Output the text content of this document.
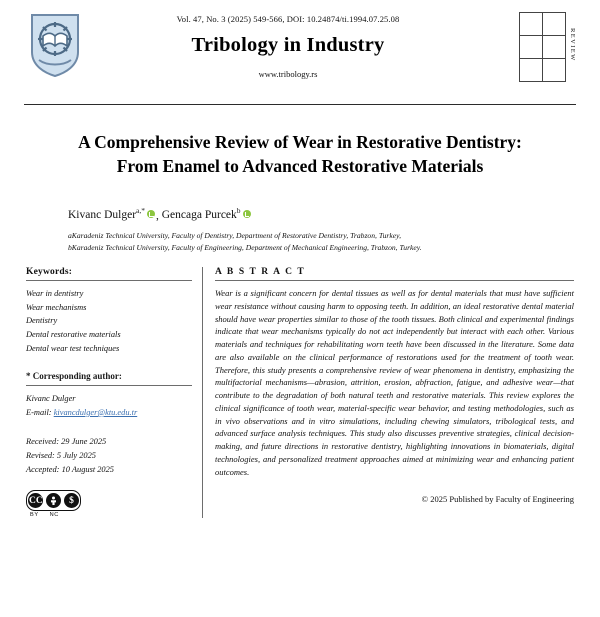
Vol. 47, No. 3 (2025) 549-566, DOI: 10.24874/ti.1994.07.25.08
Tribology in Industry
www.tribology.rs
REVIEW
A Comprehensive Review of Wear in Restorative Dentistry: From Enamel to Advanced Restorative Materials
Kivanc Dulger$^{a,*}$ , Gencaga Purcek$^b$
aKaradeniz Technical University, Faculty of Dentistry, Department of Restorative Dentistry, Trabzon, Turkey,
bKaradeniz Technical University, Faculty of Engineering, Department of Mechanical Engineering, Trabzon, Turkey.
Keywords:
Wear in dentistry
Wear mechanisms
Dentistry
Dental restorative materials
Dental wear test techniques
* Corresponding author:
Kivanc Dulger
E-mail: kivancdulger@ktu.edu.tr
Received: 29 June 2025
Revised: 5 July 2025
Accepted: 10 August 2025
CC	$
BY NC
A B S T R A C T
Wear is a significant concern for dental tissues as well as for dental materials that must have sufficient wear resistance without causing harm to opposing teeth. In addition, an ideal restorative dental material should have wear properties similar to those of the tooth tissues. Both clinical and experimental findings indicate that wear mechanisms typically do not act independently but interact with each other. Various materials and techniques for rehabilitating worn teeth have been discussed in the literature. Some data are also available on the clinical performance of restorations used for the treatment of tooth wear. Therefore, this study presents a comprehensive review of wear phenomena in dentistry, emphasizing the multifactorial mechanisms—abrasion, attrition, erosion, abfraction, fatigue, and adhesive wear—that contribute to the degradation of both natural teeth and restorative materials. This review explores the clinical significance of tooth wear, material-specific wear behavior, and testing methodologies, such as in vivo observations and in vitro simulations, including chewing simulators, tribological tests, and advanced surface analysis techniques. This study also discusses preventive strategies, clinical decision-making, and future directions in restorative dentistry, highlighting innovations in biomaterials, digital technologies, and personalized treatment approaches aimed at minimizing wear and enhancing patient outcomes.
© 2025 Published by Faculty of Engineering
